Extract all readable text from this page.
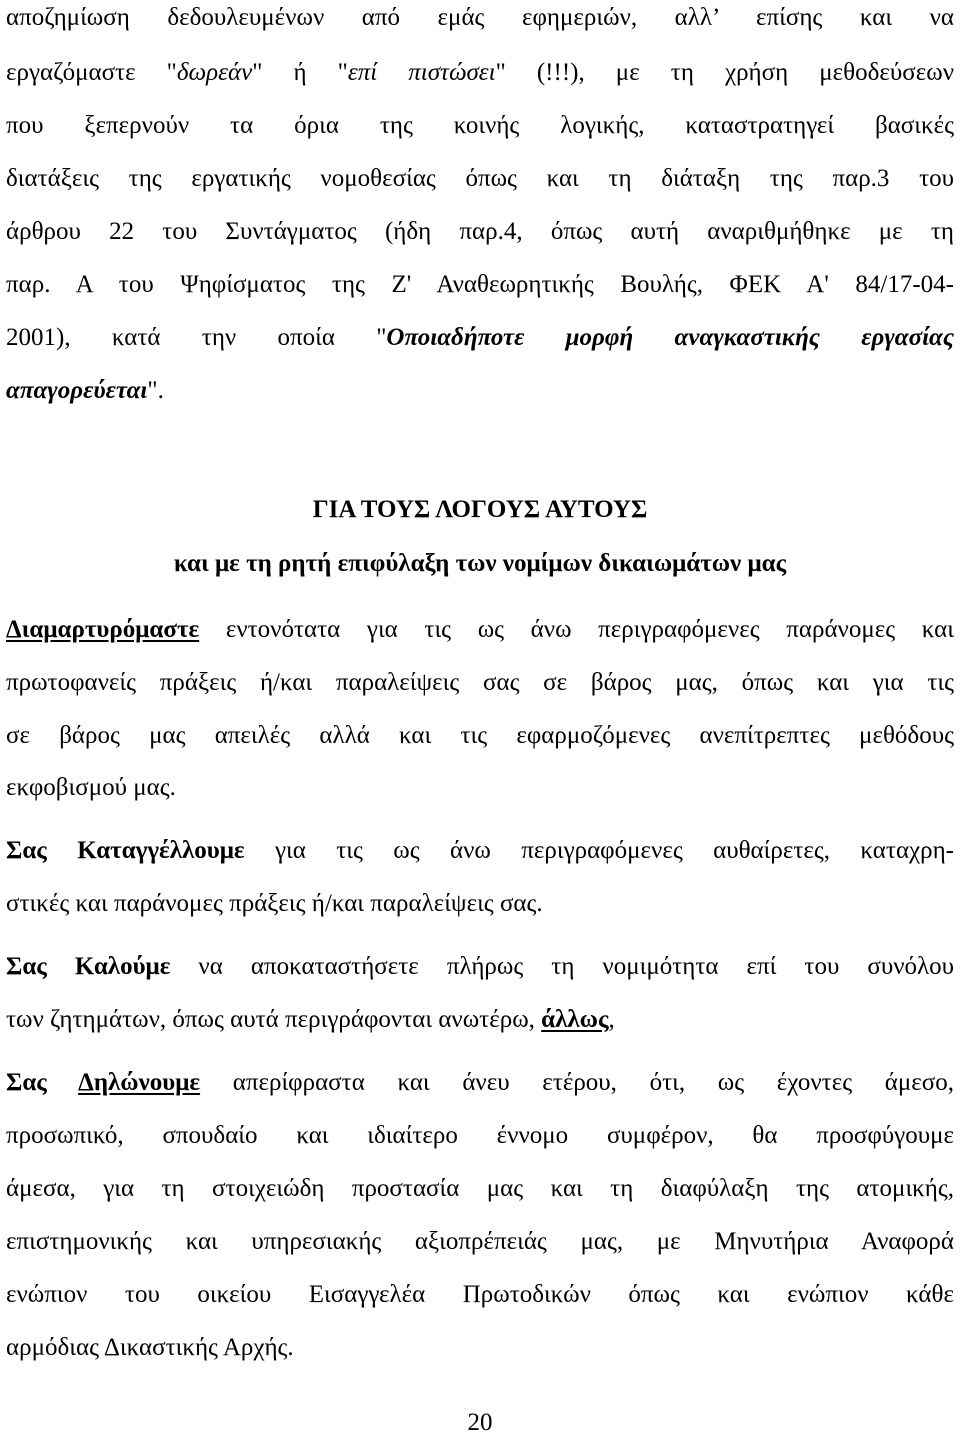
αποζημίωση δεδουλευμένων από εμάς εφημεριών, αλλ’ επίσης και να
εργαζόμαστε "δωρεάν" ή "επί πιστώσει" (!!!), με τη χρήση μεθοδεύσεων
που ξεπερνούν τα όρια της κοινής λογικής, καταστρατηγεί βασικές
διατάξεις της εργατικής νομοθεσίας όπως και τη διάταξη της παρ.3 του
άρθρου 22 του Συντάγματος (ήδη παρ.4, όπως αυτή αναριθμήθηκε με τη
παρ. Α του Ψηφίσματος της Ζ' Αναθεωρητικής Βουλής, ΦΕΚ Α' 84/17-04-
2001), κατά την οποία "Οποιαδήποτε μορφή αναγκαστικής εργασίας
απαγορεύεται".
ΓΙΑ ΤΟΥΣ ΛΟΓΟΥΣ ΑΥΤΟΥΣ
και με τη ρητή επιφύλαξη των νομίμων δικαιωμάτων μας
Διαμαρτυρόμαστε εντονότατα για τις ως άνω περιγραφόμενες παράνομες και
πρωτοφανείς πράξεις ή/και παραλείψεις σας σε βάρος μας, όπως και για τις
σε βάρος μας απειλές αλλά και τις εφαρμοζόμενες ανεπίτρεπτες μεθόδους
εκφοβισμού μας.
Σας Καταγγέλλουμε για τις ως άνω περιγραφόμενες αυθαίρετες, καταχρη-
στικές και παράνομες πράξεις ή/και παραλείψεις σας.
Σας Καλούμε να αποκαταστήσετε πλήρως τη νομιμότητα επί του συνόλου
των ζητημάτων, όπως αυτά περιγράφονται ανωτέρω, άλλως,
Σας Δηλώνουμε απερίφραστα και άνευ ετέρου, ότι, ως έχοντες άμεσο,
προσωπικό, σπουδαίο και ιδιαίτερο έννομο συμφέρον, θα προσφύγουμε
άμεσα, για τη στοιχειώδη προστασία μας και τη διαφύλαξη της ατομικής,
επιστημονικής και υπηρεσιακής αξιοπρέπειάς μας, με Μηνυτήρια Αναφορά
ενώπιον του οικείου Εισαγγελέα Πρωτοδικών όπως και ενώπιον κάθε
αρμόδιας Δικαστικής Αρχής.
20
